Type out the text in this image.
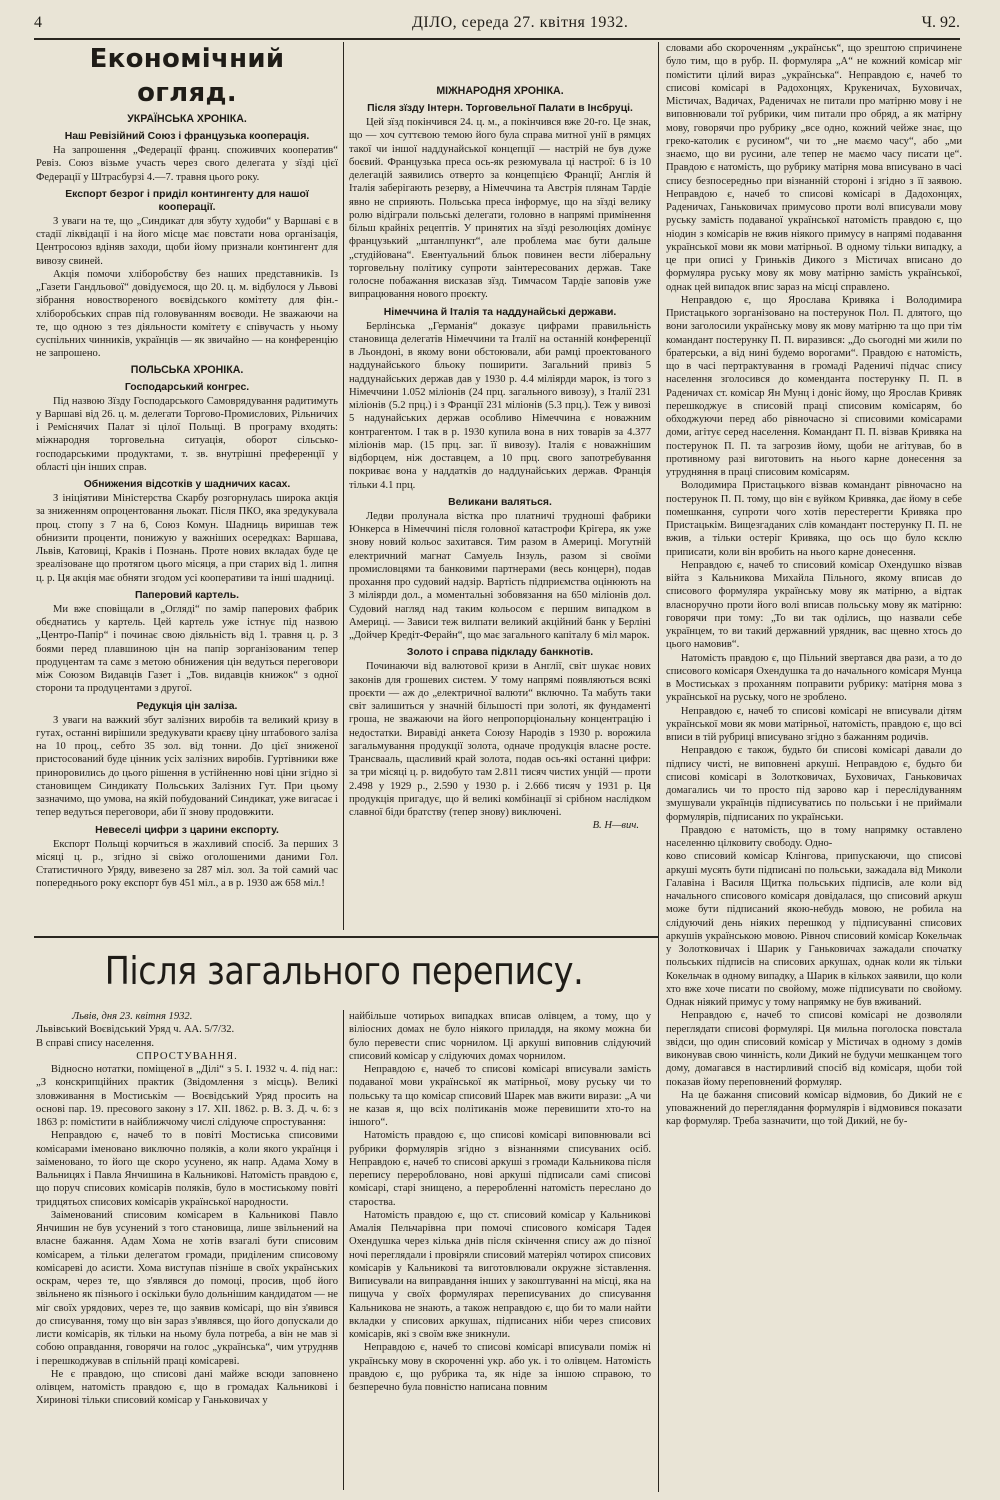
4	ДІЛО, середа 27. квітня 1932.	Ч. 92.
Економічний огляд.
УКРАЇНСЬКА ХРОНІКА.
Наш Ревізійний Союз і французька кооперація.

На запрошення „Федерації франц. споживчих кооператив“ Ревіз. Союз візьме участь через свого делегата у зїзді цієї Федерації у Штрасбурзі 4.—7. травня цього року.

Експорт безрог і приділ контингенту для нашої кооперації.

З уваги на те, що „Синдикат для збуту худоби“ у Варшаві є в стадії ліквідації і на його місце має повстати нова організація, Центросоюз вдіняв заходи, щоби йому признали контингент для вивозу свиней.

Акція помочи хліборобству без наших представників. Із „Газети Гандльової“ довідуємося, що 20. ц. м. відбулося у Львові зібрання новоствореного воєвідського комітету для фін.-хліборобських справ під головуванням воєводи. Не зважаючи на те, що одною з тез діяльности комітету є співучасть у ньому суспільних чинників, українців — як звичайно — на конференцію не запрошено.

ПОЛЬСЬКА ХРОНІКА.
Господарський конгрес.

Під назвою Зїзду Господарського Самоврядування радитимуть у Варшаві від 26. ц. м. делегати Торгово-Промислових, Рільничих і Реміснячих Палат зі цілої Польщі. В програму входять: міжнародня торговельна ситуація, оборот сільсько-господарськими продуктами, т. зв. внутрішні преференції у області цін інших справ.

Обнижения відсотків у шадничих касах.

З ініціятиви Міністерства Скарбу розгорнулась широка акція за зниженням опроцентовання льокат. Після ПКО, яка зредукувала проц. стопу з 7 на 6, Союз Комун. Шадниць виришав теж обнизити проценти, понижую у важніших осередках: Варшава, Львів, Катовиці, Краків і Познань. Проте нових вкладах буде це зреалізоване що протягом цього місяця, а при старих від 1. липня ц. р. Ця акція має обняти згодом усі кооперативи та інші шадниці.

Паперовий картель.

Ми вже сповіщали в „Огляді“ по замір паперових фабрик обєднатись у картель. Цей картель уже істнує під назвою „Центро-Папір“ і починає свою діяльність від 1. травня ц. р. З боями перед плавшиною цін на папір зорганізованим тепер продуцентам та самє з метою обнижения цін ведуться переговори між Союзом Видавців Газет і „Тов. видавців книжок“ з одної сторони та продуцентами з другої.

Редукція цін заліза.

З уваги на важкий збут залізних виробів та великий кризу в гутах, останні вирішили зредукувати краєву ціну штабового заліза на 10 проц., себто 35 зол. від тонни. До цієї зниженої пристосований буде цінник усіх залізних виробів. Гуртівники вже приноровились до цього рішення в устійненню нові ціни згідно зі становищем Синдикату Польських Залізних Гут. При цьому зазначимо, що умова, на якій побудований Синдикат, уже вигасає і тепер ведуться переговори, аби її знову продовжити.

Невеселі цифри з царини експорту.

Експорт Польщі корчиться в жахливий спосіб. За перших 3 місяці ц. р., згідно зі свіжо оголошеними даними Гол. Статистичного Уряду, вивезено за 287 міл. зол. За той самий час попереднього року експорт був 451 міл., а в р. 1930 аж 658 міл.!

МІЖНАРОДНЯ ХРОНІКА.
Після зїзду Інтерн. Торговельної Палати в Інсбруці.

Цей зїзд покінчився 24. ц. м., а покінчився вже 20-го. Це знак, що — хоч суттєвою темою його була справа митної унії в рямцях такої чи іншої наддунайської концепції — настрій не був дуже боєвий. Французька преса ось-як резюмувала ці настрої: 6 із 10 делегацій заявились отверто за концепцією Франції; Англія й Італія заберігають резерву, а Німеччина та Австрія плянам Тардіе явно не сприяють. Польська преса інформує, що на зїзді велику ролю відіграли польські делегати, головно в напрямі примінення більш крайніх рецептів. У принятих на зїзді резолюціях домінує французький „штанлпункт“, але проблема має бути дальше „студійована“. Евентуальний бльок повинен вести ліберальну торговельну політику супроти заінтересованих держав. Таке голосне побажання висказав зїзд. Тимчасом Тардіе заповів уже випрацювання нового проєкту.

Німеччина й Італія та наддунайські держави.

Берлінська „Германія“ доказує цифрами правильність становища делегатів Німеччини та Італії на останній конференції в Льондоні, в якому вони обстоювали, аби рамці проектованого наддунайського бльоку поширити. Загальний привіз 5 наддунайських держав дав у 1930 р. 4.4 міліярди марок, із того з Німеччини 1.052 міліонів (24 прц. загального вивозу), з Італії 231 міліонів (5.2 прц.) і з Франції 231 міліонів (5.3 прц.). Теж у вивозі 5 надунайських держав особливо Німеччина є новажним контрагентом. І так в р. 1930 купила вона в них товарів за 4.377 міліонів мар. (15 прц. заг. її вивозу). Італія є новажнішим відборцем, ніж доставцем, а 10 прц. свого запотребування покриває вона у наддатків до наддунайських держав. Франція тільки 4.1 прц.

Великани валяться.

Ледви пролунала вістка про платничі трудноші фабрики Юнкерса в Німеччині після головної катастрофи Крігера, як уже знову новий кольос захитався. Тим разом в Америці. Могутній електричний магнат Самуель Інзуль, разом зі своїми промисловцями та банковими партнерами (весь концерн), подав прохання про судовий надзір. Вартість підприємства оцінюють на 3 міліярди дол., а моментальні зобовязання на 650 міліонів дол. Судовий нагляд над таким кольосом є першим випадком в Америці. — Зависи теж вилпати великий акційний банк у Берліні „Дойчер Кредіт-Ферайн“, що має загального капіталу 6 міл марок.

Золото і справа підкладу банкнотів.

Починаючи від валютової кризи в Англії, світ шукає нових законів для грошевих систем. У тому напрямі появляються всякі проєкти — аж до „електричної валюти“ включно. Та мабуть таки світ залишиться у значній більшості при золоті, як фундаменті гроша, не зважаючи на його непропорціональну концентрацію і недостатки. Виравіді анкета Союзу Народів з 1930 р. ворожила загальмування продукції золота, одначе продукція власне росте. Трансвааль, щасливий край золота, подав ось-які останні цифри: за три місяці ц. р. видобуто там 2.811 тисяч чистих унцій — проти 2.498 у 1929 р., 2.590 у 1930 р. і 2.666 тисяч у 1931 р. Ця продукція пригадує, що й великі комбінації зі срібном наслідком славної біди братству (тепер знову) виключені.

В. Н—вич.
Після загального перепису.

Львів, дня 23. квітня 1932.

Львівський Воєвідський Уряд ч. АА. 5/7/32.

В справі спису населення.

СПРОСТУВАННЯ.

Відносно нотатки, поміщеної в „Ділі“ з 5. І. 1932 ч. 4. під наг.: „З конскрипційних практик (Звідомлення з місць). Великі зловживання в Мостиськім — Воєвідський Уряд просить на основі пар. 19. пресового закону з 17. XII. 1862. р. В. З. Д. ч. 6: з 1863 р: помістити в найближчому числі слідуюче спростування:

Неправдою є, начеб то в повіті Мостиська списовими комісарами іменовано виключно поляків, а коли якого українця і заіменовано, то його ще скоро усунено, як напр. Адама Хому в Вальницях і Павла Янчишина в Кальникові. Натомість правдою є, що поруч списових комісарів поляків, було в мостиському повіті тридцятьох списових комісарів української народности.

Заіменований списовим комісарем в Кальникові Павло Янчишин не був усунений з того становища, лише звільнений на власне бажання. Адам Хома не хотів взагалі бути списовим комісарем, а тільки делегатом громади, приділеним списовому комісареві до асисти. Хома виступав пізніше в своїх українських оскрам, через те, що з'являвся до помоці, просив, щоб його звільнено як пізнього і оскільки було дольнішим кандидатом — не міг своїх урядових, через те, що заявив комісарі, що він з'явився до списування, тому що він зараз з'являвся, що його допускали до листи комісарів, як тільки на ньому була потреба, а він не мав зі собою оправдання, говорячи на голос „українська“, чим утрудняв і перешкоджував в спільній праці комісареві.

Не є правдою, що списові дані майже всюди заповнено олівцем, натомість правдою є, що в громадах Кальникові і Хиринові тільки списовий комісар у Ганьковичах у

найбільше чотирьох випадках вписав олівцем, а тому, що у віліосних домах не було ніякого приладдя, на якому можна би було перевести спис чорнилом. Ці аркуші виповнив слідуючий списовий комісар у слідуючих домах чорнилом.

Неправдою є, начеб то списові комісарі вписували замість подаваної мови української як матірньої, мову руську чи то польську та що комісар списовий Шарек мав вжити вирази: „А чи не казав я, що всіх політиканів може перевишити хто-то на іншого“.

Натомість правдою є, що списові комісарі виповнювали всі рубрики формулярів згідно з візнаннями списуваних осіб. Неправдою є, начеб то списові аркуші з громади Кальникова після перепису переробловано, нові аркуші підписали самі списові комісарі, старі знищено, а переробленні натомість переслано до староства.

Натомість правдою є, що ст. списовий комісар у Кальникові Амалія Пельчарівна при помочі списового комісаря Тадея Охендушка через кілька днів після скінчення спису аж до пізної ночі переглядали і провіряли списовий матеріял чотирох списових комісарів у Кальникові та виготовлювали окружне зіставлення. Виписували на виправдання інших у закоштуванні на місці, яка на пищуча у своїх формулярах переписуваних до списування Кальникова не знають, а також неправдою є, що би то мали найти вкладки у списових аркушах, підписаних ніби через списових комісарів, які з своїм вже зникнули.

Неправдою є, начеб то списові комісарі вписували поміж ні українську мову в скороченні укр. або ук. і то олівцем. Натомість правдою є, що рубрика та, як ніде за іншою справою, то безперечно була повністю написана повним

словами або скороченням „українськ“, що зрештою спричинене було тим, що в рубр. II. формуляра „А“ не кожний комісар міг помістити цілий вираз „українська“. Неправдою є, начеб то списові комісарі в Радохонцях, Крукеничах, Буховичах, Містичах, Вадичах, Раденичах не питали про матірню мову і не виповнювали тої рубрики, чим питали про обряд, а як матірну мову, говорячи про рубрику „все одно, кожний чейже знає, що греко-католик є русином“, чи то „не маємо часу“, або „ми знаємо, що ви русини, але тепер не маємо часу писати це“. Правдою є натомість, що рубрику матірня мова вписувано в часі спису безпосередньо при візнанній стороні і згідно з її заявою. Неправдою є, начеб то списові комісарі в Дадохонцях, Раденичах, Ганьковичах примусово проти волі вписували мову руську замість подаваної української натомість правдою є, що ніодин з комісарів не вжив ніякого примусу в напрямі подавання української мови як мови матірньої. В одному тільки випадку, а це при описі у Гриньків Дикого з Містичах вписано до формуляра руську мову як мову матірню замість української, однак цей випадок впис зараз на місці справлено.

Неправдою є, що Ярослава Кривяка і Володимира Пристацького зорганізовано на постерунок Пол. П. длятого, що вони заголосили українську мову як мову матірню та що при тім командант постерунку П. П. виразився: „До сьогодні ми жили по братерськи, а від нині будемо ворогами“. Правдою є натомість, що в часі пертрактування в громаді Раденичі підчас спису населення зголосився до коменданта постерунку П. П. в Раденичах ст. комісар Ян Мунц і доніс йому, що Ярослав Кривяк перешкоджує в списовій праці списовим комісарям, бо обходжуючи перед або рівночасно зі списовими комісарами доми, агітує серед населення. Командант П. П. візвав Кривяка на постерунок П. П. та загрозив йому, щоби не агітував, бо в противному разі виготовить на нього карне донесення за утрудняння в праці списовим комісарям.

Володимира Пристацького візвав командант рівночасно на постерунок П. П. тому, що він є вуйком Кривяка, дає йому в себе помешкання, супроти чого хотів перестерегти Кривяка про Пристацькім. Вищезгаданих слів командант постерунку П. П. не вжив, а тільки остеріг Кривяка, що ось що було ксклю приписати, коли він вробить на нього карне донесення.

Неправдою є, начеб то списовий комісар Охендушко візвав війта з Кальникова Михайла Пільного, якому вписав до списового формуляра українську мову як матірню, а відтак власноручно проти його волі вписав польську мову як матірню: говорячи при тому: „То ви так оділись, що назвали себе українцем, то ви такий державний урядник, вас щевно хтось до цього намовив“.

Натомість правдою є, що Пільний звертався два рази, а то до списового комісаря Охендушка та до начального комісаря Мунца в Мостиськах з проханням поправити рубрику: матірня мова з української на руську, чого не зроблено.

Неправдою є, начеб то списові комісарі не вписували дітям української мови як мови матірньої, натомість, правдою є, що всі вписи в тій рубриці вписувано згідно з бажанням родичів.

Неправдою є також, будьто би списові комісарі давали до підпису чисті, не виповнені аркуші. Неправдою є, будьто би списові комісарі в Золотковичах, Буховичах, Ганьковичах домагались чи то просто під зарово кар і переслідуванням змушували українців підписуватись по польськи і не приймали формулярів, підписаних по українськи.

Правдою є натомість, що в тому напрямку оставлено населенню цілковиту свободу. Одно-

ково списовий комісар Клінгова, припускаючи, що списові аркуші мусять бути підписані по польськи, зажадала від Миколи Галавіна і Василя Щитка польських підписів, але коли від начального списового комісаря довідалася, що списовий аркуш може бути підписаний якою-небудь мовою, не робила на слідуючий день ніяких перешкод у підписуванні списових аркушів українською мовою. Рівноч списовий комісар Кокельчак у Золотковичах і Шарик у Ганьковичах зажадали спочатку польських підписів на списових аркушах, однак коли як тільки Кокельчак в одному випадку, а Шарик в кількох заявили, що коли хто вже хоче писати по свойому, може підписувати по свойому. Однак ніякий примус у тому напрямку не був вживаний.

Неправдою є, начеб то списові комісарі не дозволяли переглядати списові формулярі. Ця мильна поголоска повстала звідси, що один списовий комісар у Містичах в одному з домів виконував свою чинність, коли Дикий не будучи мешканцем того дому, домагався в настирливий спосіб від комісаря, щоби той показав йому переповнений формуляр.

На це бажання списовий комісар відмовив, бо Дикий не є уповажнений до переглядання формулярів і відмовився показати кар формуляр. Треба зазначити, що той Дикий, не бу-
